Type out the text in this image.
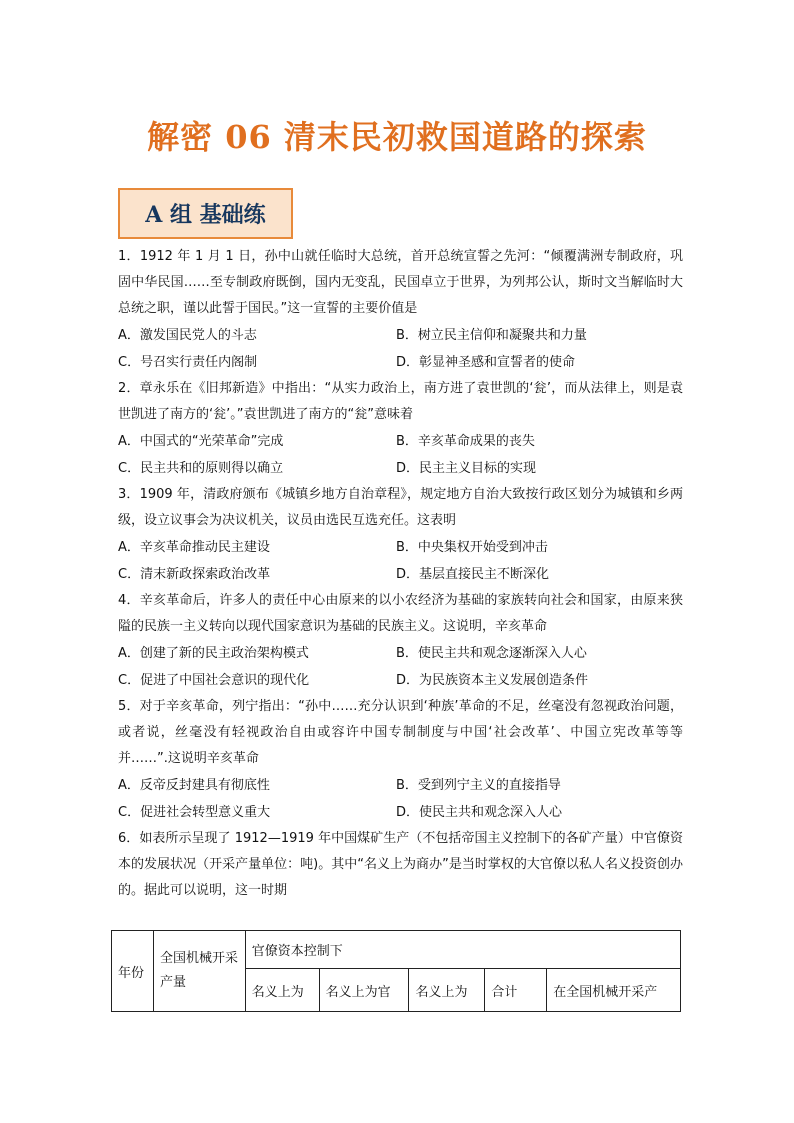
解密 06 清末民初救国道路的探索
A 组 基础练

1．1912 年 1 月 1 日，孙中山就任临时大总统，首开总统宣誓之先河：“倾覆满洲专制政府，巩固中华民国……至专制政府既倒，国内无变乱，民国卓立于世界，为列邦公认，斯时文当解临时大总统之职，谨以此誓于国民。”这一宣誓的主要价值是

A．激发国民党人的斗志	B．树立民主信仰和凝聚共和力量
C．号召实行责任内阁制	D．彰显神圣感和宣誓者的使命

2．章永乐在《旧邦新造》中指出：“从实力政治上，南方进了袁世凯的‘瓮’，而从法律上，则是袁世凯进了南方的‘瓮’。”袁世凯进了南方的“瓮”意味着

A．中国式的“光荣革命”完成	B．辛亥革命成果的丧失
C．民主共和的原则得以确立	D．民主主义目标的实现

3．1909 年，清政府颁布《城镇乡地方自治章程》，规定地方自治大致按行政区划分为城镇和乡两级，设立议事会为决议机关，议员由选民互选充任。这表明

A．辛亥革命推动民主建设	B．中央集权开始受到冲击
C．清末新政探索政治改革	D．基层直接民主不断深化

4．辛亥革命后，许多人的责任中心由原来的以小农经济为基础的家族转向社会和国家，由原来狭隘的民族一主义转向以现代国家意识为基础的民族主义。这说明，辛亥革命

A．创建了新的民主政治架构模式	B．使民主共和观念逐渐深入人心
C．促进了中国社会意识的现代化	D．为民族资本主义发展创造条件

5．对于辛亥革命，列宁指出：“孙中……充分认识到‘种族’革命的不足，丝毫没有忽视政治问题，或者说，丝毫没有轻视政治自由或容许中国专制制度与中国‘社会改革’、中国立宪改革等等并……”.这说明辛亥革命

A．反帝反封建具有彻底性	B．受到列宁主义的直接指导
C．促进社会转型意义重大	D．使民主共和观念深入人心

6．如表所示呈现了 1912—1919 年中国煤矿生产（不包括帝国主义控制下的各矿产量）中官僚资本的发展状况（开采产量单位：吨)。其中“名义上为商办”是当时掌权的大官僚以私人名义投资创办的。据此可以说明，这一时期

年份	全国机械开采产量	官僚资本控制下				
		名义上为	名义上为官	名义上为	合计	在全国机械开采产
